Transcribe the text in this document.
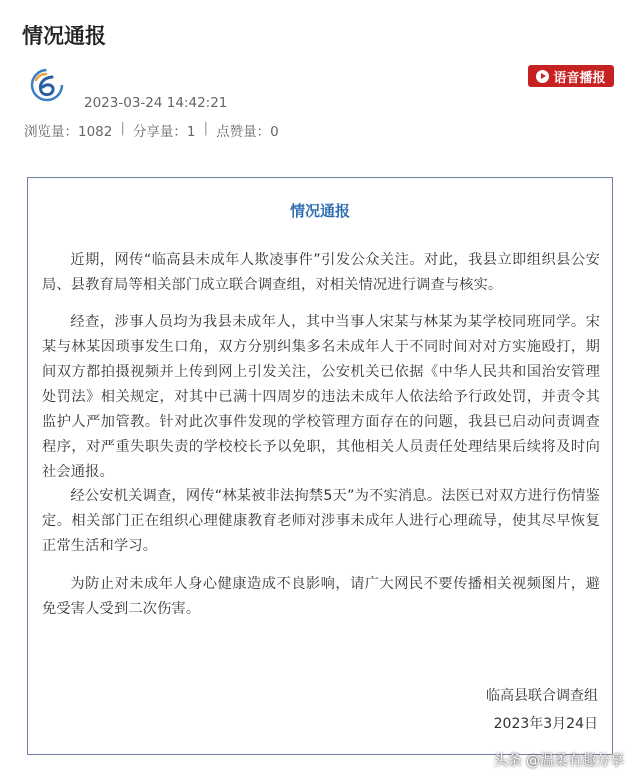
情况通报
语音播报
2023-03-24 14:42:21
浏览量：1082 | 分享量：1 | 点赞量：0
情况通报

近期，网传“临高县未成年人欺凌事件”引发公众关注。对此，我县立即组织县公安局、县教育局等相关部门成立联合调查组，对相关情况进行调查与核实。

经查，涉事人员均为我县未成年人，其中当事人宋某与林某为某学校同班同学。宋某与林某因琐事发生口角，双方分别纠集多名未成年人于不同时间对对方实施殴打，期间双方都拍摄视频并上传到网上引发关注，公安机关已依据《中华人民共和国治安管理处罚法》相关规定，对其中已满十四周岁的违法未成年人依法给予行政处罚，并责令其监护人严加管教。针对此次事件发现的学校管理方面存在的问题，我县已启动问责调查程序，对严重失职失责的学校校长予以免职，其他相关人员责任处理结果后续将及时向社会通报。

经公安机关调查，网传“林某被非法拘禁5天”为不实消息。法医已对双方进行伤情鉴定。相关部门正在组织心理健康教育老师对涉事未成年人进行心理疏导，使其尽早恢复正常生活和学习。

为防止对未成年人身心健康造成不良影响，请广大网民不要传播相关视频图片，避免受害人受到二次伤害。

临高县联合调查组
2023年3月24日
头条 @温柔有趣分享
